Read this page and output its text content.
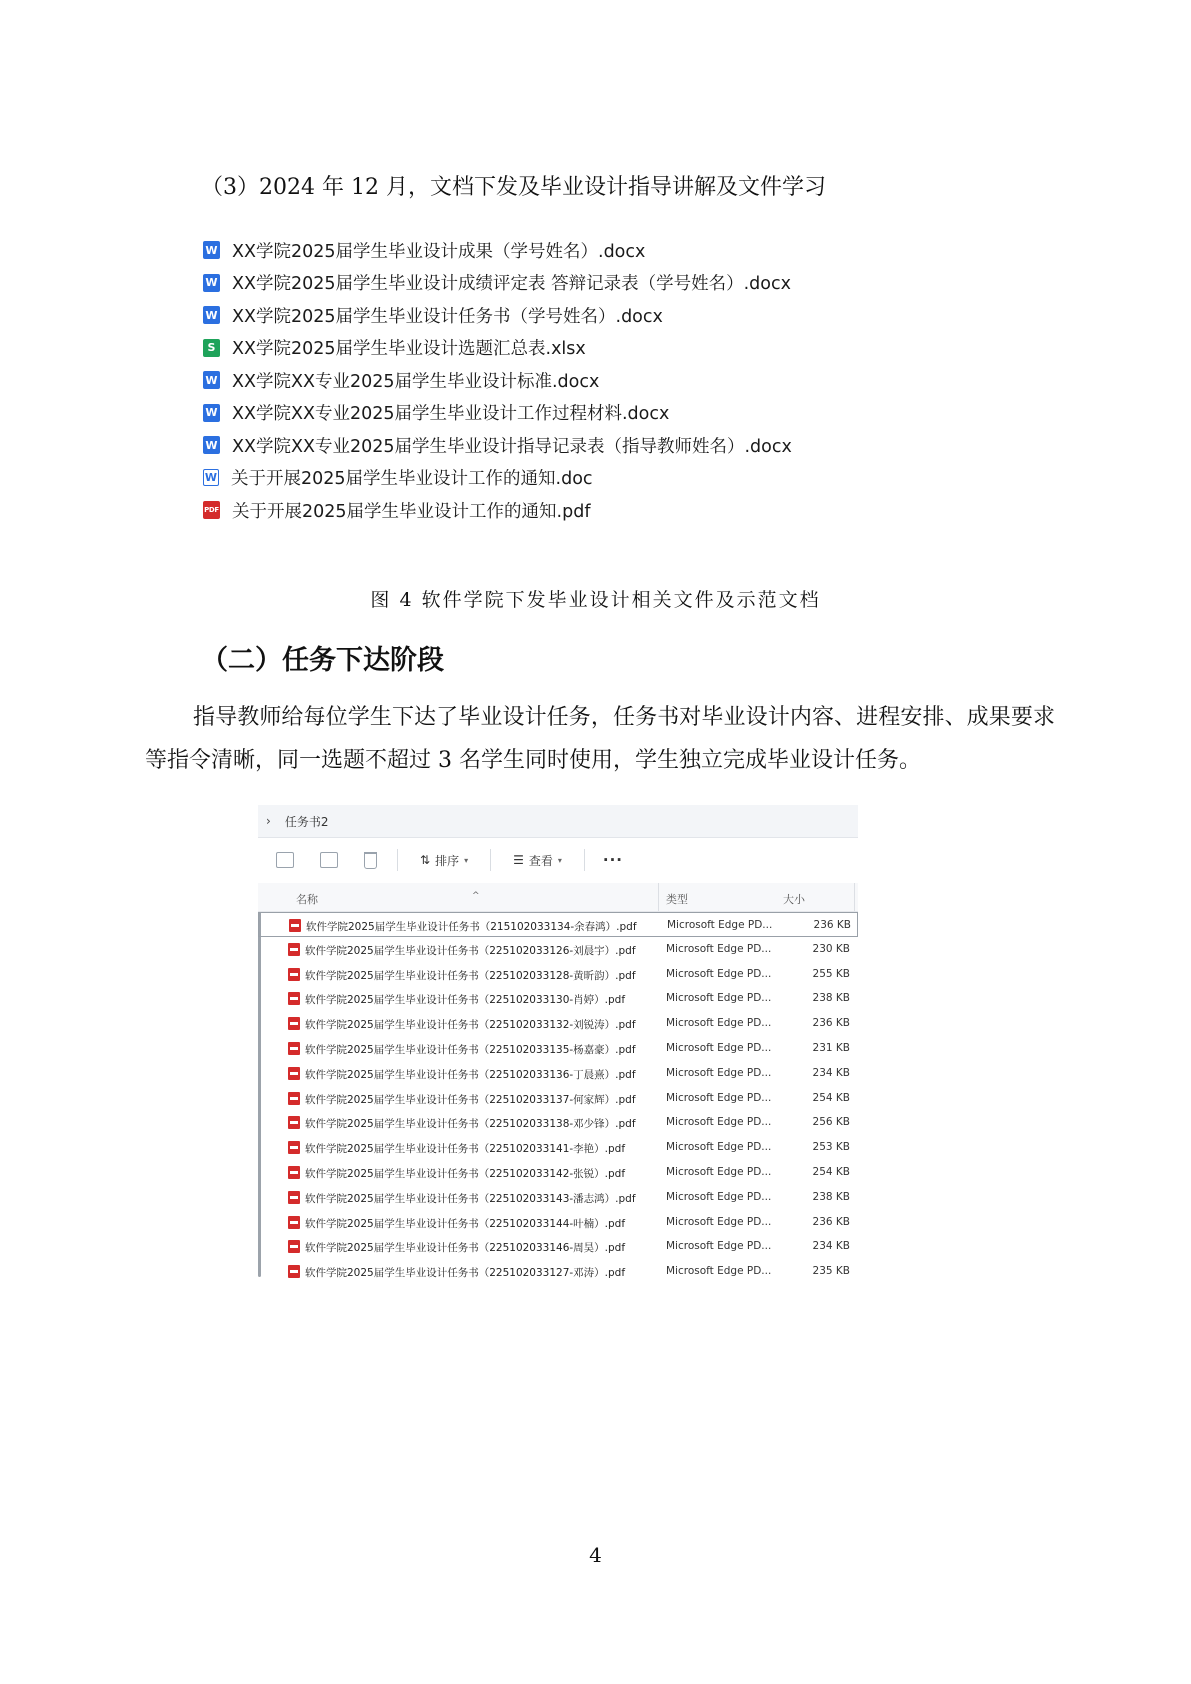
（3）2024 年 12 月，文档下发及毕业设计指导讲解及文件学习
W XX学院2025届学生毕业设计成果（学号姓名）.docx
W XX学院2025届学生毕业设计成绩评定表 答辩记录表（学号姓名）.docx
W XX学院2025届学生毕业设计任务书（学号姓名）.docx
S XX学院2025届学生毕业设计选题汇总表.xlsx
W XX学院XX专业2025届学生毕业设计标准.docx
W XX学院XX专业2025届学生毕业设计工作过程材料.docx
W XX学院XX专业2025届学生毕业设计指导记录表（指导教师姓名）.docx
W 关于开展2025届学生毕业设计工作的通知.doc
PDF 关于开展2025届学生毕业设计工作的通知.pdf
图 4 软件学院下发毕业设计相关文件及示范文档
（二）任务下达阶段
指导教师给每位学生下达了毕业设计任务，任务书对毕业设计内容、进程安排、成果要求等指令清晰，同一选题不超过 3 名学生同时使用，学生独立完成毕业设计任务。
› 任务书2
⇅ 排序 ▾	☰ 查看 ▾	···
^
名称	类型	大小
软件学院2025届学生毕业设计任务书（215102033134-余春鸿）.pdf	Microsoft Edge PD...	236 KB
软件学院2025届学生毕业设计任务书（225102033126-刘晨宇）.pdf	Microsoft Edge PD...	230 KB
软件学院2025届学生毕业设计任务书（225102033128-黄昕韵）.pdf	Microsoft Edge PD...	255 KB
软件学院2025届学生毕业设计任务书（225102033130-肖婷）.pdf	Microsoft Edge PD...	238 KB
软件学院2025届学生毕业设计任务书（225102033132-刘锐涛）.pdf	Microsoft Edge PD...	236 KB
软件学院2025届学生毕业设计任务书（225102033135-杨嘉豪）.pdf	Microsoft Edge PD...	231 KB
软件学院2025届学生毕业设计任务书（225102033136-丁晨熹）.pdf	Microsoft Edge PD...	234 KB
软件学院2025届学生毕业设计任务书（225102033137-何家辉）.pdf	Microsoft Edge PD...	254 KB
软件学院2025届学生毕业设计任务书（225102033138-邓少锋）.pdf	Microsoft Edge PD...	256 KB
软件学院2025届学生毕业设计任务书（225102033141-李艳）.pdf	Microsoft Edge PD...	253 KB
软件学院2025届学生毕业设计任务书（225102033142-张锐）.pdf	Microsoft Edge PD...	254 KB
软件学院2025届学生毕业设计任务书（225102033143-潘志鸿）.pdf	Microsoft Edge PD...	238 KB
软件学院2025届学生毕业设计任务书（225102033144-叶楠）.pdf	Microsoft Edge PD...	236 KB
软件学院2025届学生毕业设计任务书（225102033146-周昊）.pdf	Microsoft Edge PD...	234 KB
软件学院2025届学生毕业设计任务书（225102033127-邓涛）.pdf	Microsoft Edge PD...	235 KB
4
